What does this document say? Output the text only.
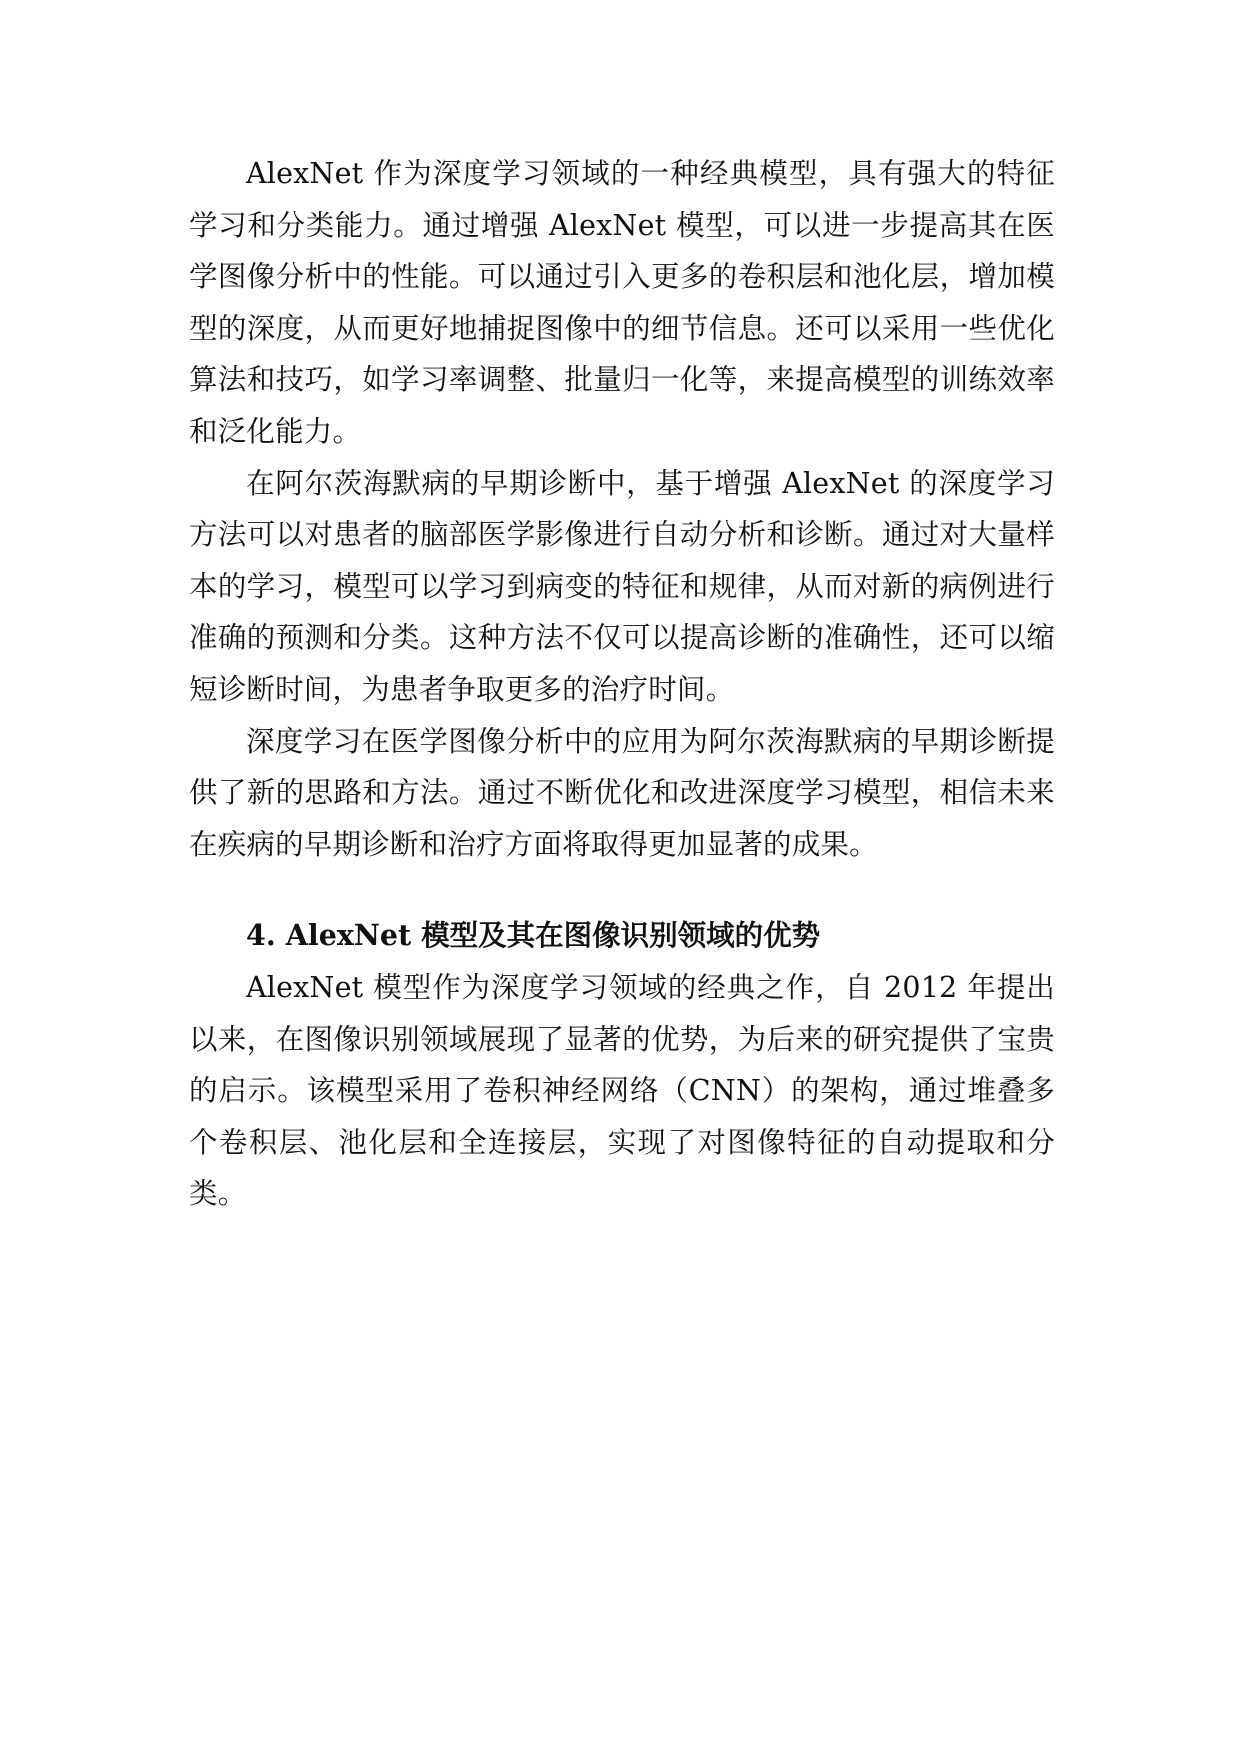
AlexNet 作为深度学习领域的一种经典模型，具有强大的特征学习和分类能力。通过增强 AlexNet 模型，可以进一步提高其在医学图像分析中的性能。可以通过引入更多的卷积层和池化层，增加模型的深度，从而更好地捕捉图像中的细节信息。还可以采用一些优化算法和技巧，如学习率调整、批量归一化等，来提高模型的训练效率和泛化能力。

在阿尔茨海默病的早期诊断中，基于增强 AlexNet 的深度学习方法可以对患者的脑部医学影像进行自动分析和诊断。通过对大量样本的学习，模型可以学习到病变的特征和规律，从而对新的病例进行准确的预测和分类。这种方法不仅可以提高诊断的准确性，还可以缩短诊断时间，为患者争取更多的治疗时间。

深度学习在医学图像分析中的应用为阿尔茨海默病的早期诊断提供了新的思路和方法。通过不断优化和改进深度学习模型，相信未来在疾病的早期诊断和治疗方面将取得更加显著的成果。

4. AlexNet 模型及其在图像识别领域的优势

AlexNet 模型作为深度学习领域的经典之作，自 2012 年提出以来，在图像识别领域展现了显著的优势，为后来的研究提供了宝贵的启示。该模型采用了卷积神经网络（CNN）的架构，通过堆叠多个卷积层、池化层和全连接层，实现了对图像特征的自动提取和分类。
